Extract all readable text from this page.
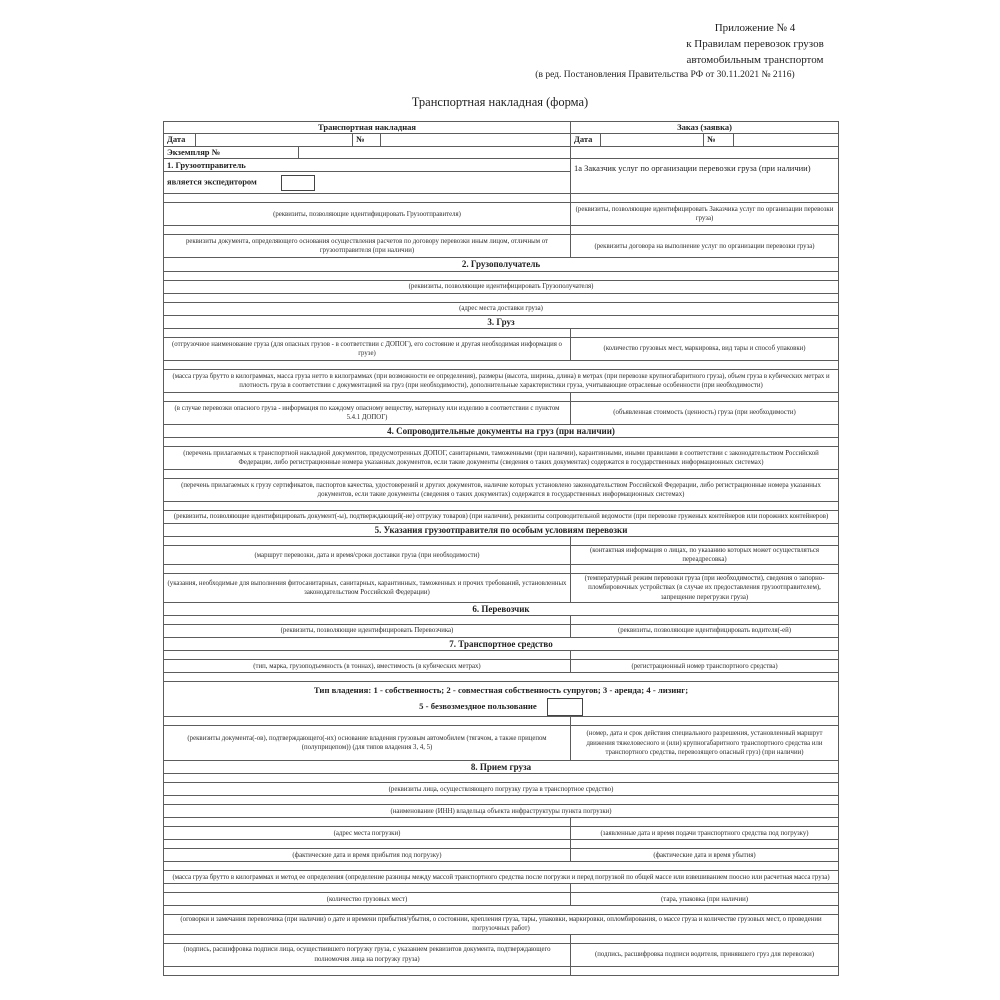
Приложение № 4
к Правилам перевозок грузов
автомобильным транспортом
(в ред. Постановления Правительства РФ от 30.11.2021 № 2116)
Транспортная накладная (форма)
Транспортная накладная					Заказ (заявка)			
Дата			№		Дата		№	
Экземпляр №								
1. Грузоотправитель					1а Заказчик услуг по организации перевозки груза (при наличии)			
является экспедитором								

(реквизиты, позволяющие идентифицировать Грузоотправителя)					(реквизиты, позволяющие идентифицировать Заказчика услуг по организации перевозки груза)			

реквизиты документа, определяющего основания осуществления расчетов по договору перевозки иным лицом, отличным от грузоотправителя (при наличии)					(реквизиты договора на выполнение услуг по организации перевозки груза)			
2. Грузополучатель								

(реквизиты, позволяющие идентифицировать Грузополучателя)								

(адрес места доставки груза)								
3. Груз								

(отгрузочное наименование груза (для опасных грузов - в соответствии с ДОПОГ), его состояние и другая необходимая информация о грузе)					(количество грузовых мест, маркировка, вид тары и способ упаковки)			

(масса груза брутто в килограммах, масса груза нетто в килограммах (при возможности ее определения), размеры (высота, ширина, длина) в метрах (при перевозке крупногабаритного груза), объем груза в кубических метрах и плотность груза в соответствии с документацией на груз (при необходимости), дополнительные характеристики груза, учитывающие отраслевые особенности (при необходимости)								

(в случае перевозки опасного груза - информация по каждому опасному веществу, материалу или изделию в соответствии с пунктом 5.4.1 ДОПОГ)					(объявленная стоимость (ценность) груза (при необходимости)			
4. Сопроводительные документы на груз (при наличии)								

(перечень прилагаемых к транспортной накладной документов, предусмотренных ДОПОГ, санитарными, таможенными (при наличии), карантинными, иными правилами в соответствии с законодательством Российской Федерации, либо регистрационные номера указанных документов, если такие документы (сведения о таких документах) содержатся в государственных информационных системах)								

(перечень прилагаемых к грузу сертификатов, паспортов качества, удостоверений и других документов, наличие которых установлено законодательством Российской Федерации, либо регистрационные номера указанных документов, если такие документы (сведения о таких документах) содержатся в государственных информационных системах)								

(реквизиты, позволяющие идентифицировать документ(-ы), подтверждающий(-ие) отгрузку товаров) (при наличии), реквизиты сопроводительной ведомости (при перевозке груженых контейнеров или порожних контейнеров)								
5. Указания грузоотправителя по особым условиям перевозки								

(маршрут перевозки, дата и время/сроки доставки груза (при необходимости)					(контактная информация о лицах, по указанию которых может осуществляться переадресовка)			

(указания, необходимые для выполнения фитосанитарных, санитарных, карантинных, таможенных и прочих требований, установленных законодательством Российской Федерации)					(температурный режим перевозки груза (при необходимости), сведения о запорно-пломбировочных устройствах (в случае их предоставления грузоотправителем), запрещение перегрузки груза)			
6. Перевозчик								

(реквизиты, позволяющие идентифицировать Перевозчика)					(реквизиты, позволяющие идентифицировать водителя(-ей)			
7. Транспортное средство								

(тип, марка, грузоподъемность (в тоннах), вместимость (в кубических метрах)					(регистрационный номер транспортного средства)			

Тип владения: 1 - собственность; 2 - совместная собственность супругов; 3 - аренда; 4 - лизинг;
5 - безвозмездное пользование								

(реквизиты документа(-ов), подтверждающего(-их) основание владения грузовым автомобилем (тягачом, а также прицепом (полуприцепом)) (для типов владения 3, 4, 5)					(номер, дата и срок действия специального разрешения, установленный маршрут движения тяжеловесного и (или) крупногабаритного транспортного средства или транспортного средства, перевозящего опасный груз) (при наличии)			
8. Прием груза								

(реквизиты лица, осуществляющего погрузку груза в транспортное средство)								

(наименование (ИНН) владельца объекта инфраструктуры пункта погрузки)								

(адрес места погрузки)					(заявленные дата и время подачи транспортного средства под погрузку)			

(фактические дата и время прибытия под погрузку)					(фактические дата и время убытия)			

(масса груза брутто в килограммах и метод ее определения (определение разницы между массой транспортного средства после погрузки и перед погрузкой по общей массе или взвешиванием поосно или расчетная масса груза)								

(количество грузовых мест)					(тара, упаковка (при наличии)			

(оговорки и замечания перевозчика (при наличии) о дате и времени прибытия/убытия, о состоянии, крепления груза, тары, упаковки, маркировки, опломбирования, о массе груза и количестве грузовых мест, о проведении погрузочных работ)								

(подпись, расшифровка подписи лица, осуществившего погрузку груза, с указанием реквизитов документа, подтверждающего полномочия лица на погрузку груза)					(подпись, расшифровка подписи водителя, принявшего груз для перевозки)			
